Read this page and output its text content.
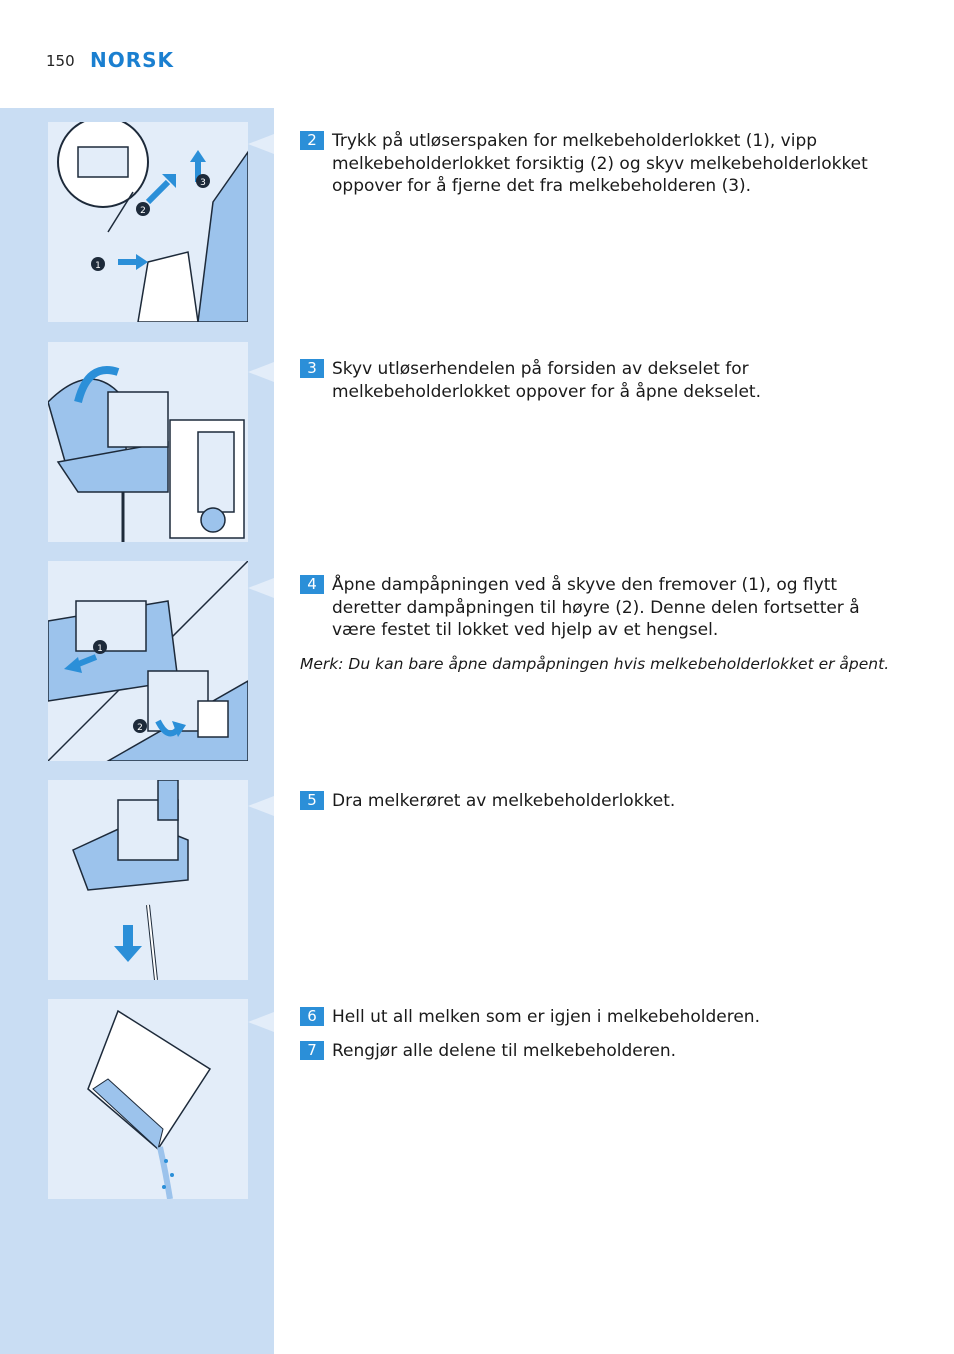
150 NORSK
1
2
3
1
2
2 Trykk på utløserspaken for melkebeholderlokket (1), vipp melkebeholderlokket forsiktig (2) og skyv melkebeholderlokket oppover for å fjerne det fra melkebeholderen (3).
3 Skyv utløserhendelen på forsiden av dekselet for melkebeholderlokket oppover for å åpne dekselet.
4 Åpne dampåpningen ved å skyve den fremover (1), og flytt deretter dampåpningen til høyre (2). Denne delen fortsetter å være festet til lokket ved hjelp av et hengsel.
Merk: Du kan bare åpne dampåpningen hvis melkebeholderlokket er åpent.
5 Dra melkerøret av melkebeholderlokket.
6 Hell ut all melken som er igjen i melkebeholderen.
7 Rengjør alle delene til melkebeholderen.
